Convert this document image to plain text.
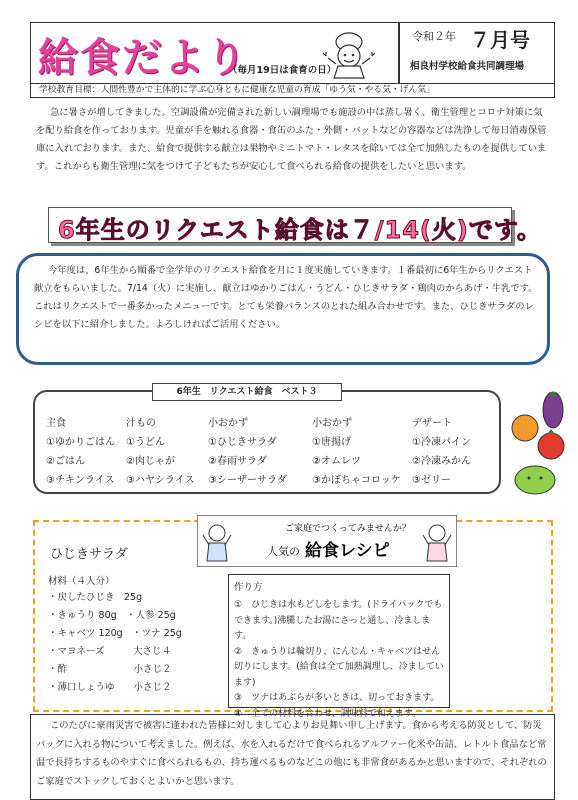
給食だより
（毎月19日は食育の日）
令和２年 ７月号
相良村学校給食共同調理場
学校教育目標：人間性豊かで主体的に学ぶ心身ともに健康な児童の育成「ゆう気・やる気・げん気」
急に暑さが増してきました。空調設備が完備された新しい調理場でも施設の中は蒸し暑く、衛生管理とコロナ対策に気を配り給食を作っております。児童が手を触れる食器・食缶のふた・外側・バットなどの容器などは洗浄して毎日消毒保管庫に入れております。また、給食で提供する献立は果物やミニトマト・レタスを除いては全て加熱したものを提供しています。これからも衛生管理に気をつけて子どもたちが安心して食べられる給食の提供をしたいと思います。
6年生のリクエスト給食は７/14(火)です。
今年度は、6年生から順番で全学年のリクエスト給食を月に１度実施していきます。１番最初に6年生からリクエスト献立をもらいました。7/14（火）に実施し、献立はゆかりごはん・うどん・ひじきサラダ・鶏肉のからあげ・牛乳です。これはリクエストで一番多かったメニューです。とても栄養バランスのとれた組み合わせです。また、ひじきサラダのレシピを以下に紹介しました。よろしければご活用ください。
6年生　リクエスト給食　ベスト３
主食	汁もの	小おかず	小おかず	デザート
①ゆかりごはん	①うどん	①ひじきサラダ	①唐揚げ	①冷凍パイン
②ごはん	②肉じゃが	②春雨サラダ	②オムレツ	②冷凍みかん
③チキンライス	③ハヤシライス	③シーザーサラダ	③かぼちゃコロッケ	③ゼリー
ひじきサラダ
ご家庭でつくってみませんか？
人気の 給食レシピ
材料（４人分）
・戻したひじき　25g
・きゅうり 80g　・人参 25g
・キャベツ 120g　・ツナ 25g
・マヨネーズ　　　大さじ４
・酢　　　　　　　小さじ２
・薄口しょうゆ　　小さじ２
作り方
①　ひじきは水もどしをします。(ドライパックでもできます。)沸騰したお湯にさっと通し、冷まします。
②　きゅうりは輪切り、にんじん・キャベツはせん切りにします。(給食は全て加熱調理し、冷ましています)
③　ツナはあぶらが多いときは、切っておきます。
④　全ての材料を合わせ、調味料で和えます。
このたびに豪雨災害で被害に逢われた皆様に対しまして心よりお見舞い申し上げます。食から考える防災として、防災バッグに入れる物について考えました。例えば、水を入れるだけで食べられるアルファー化米や缶詰、レトルト食品など常温で長持ちするものやすぐに食べられるもの、持ち運べるものなどこの他にも非常食があるかと思いますので、それぞれのご家庭でストックしておくとよいかと思います。
